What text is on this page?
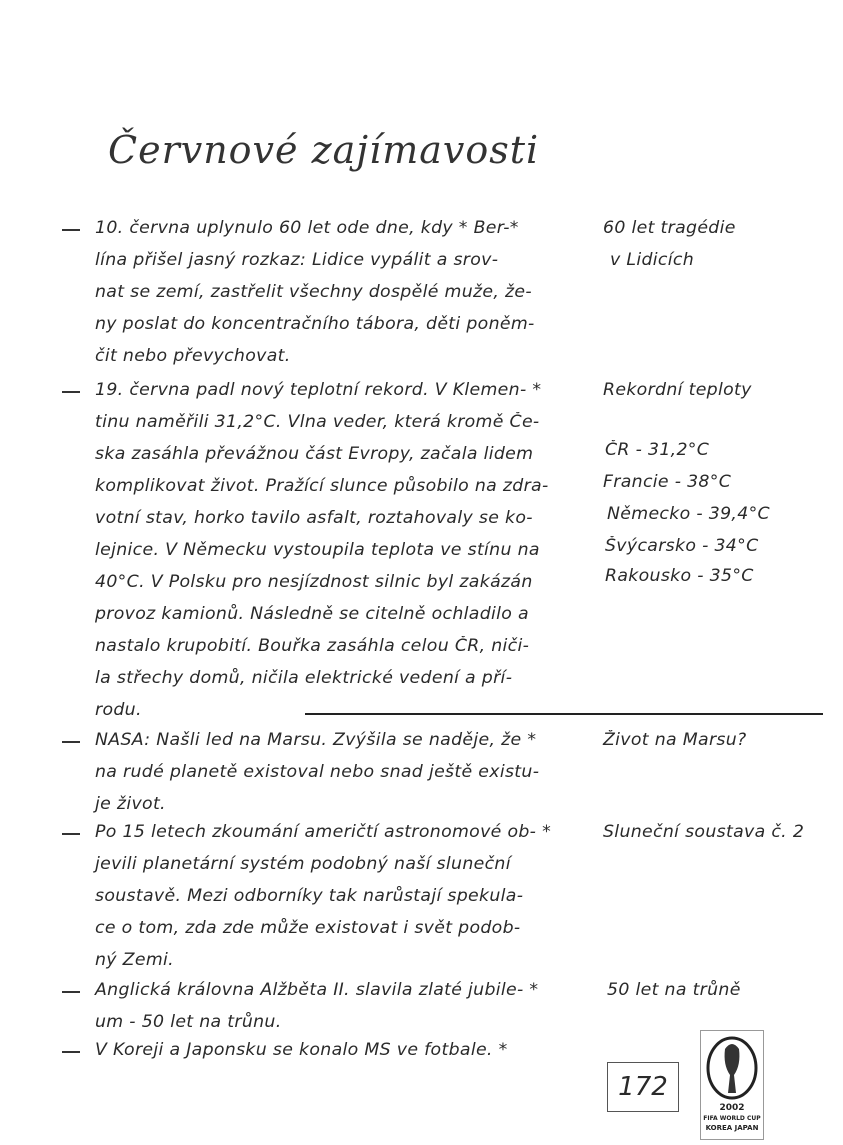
Červnové zajímavosti
10. června uplynulo 60 let ode dne, kdy * Ber-*
lína přišel jasný rozkaz: Lidice vypálit a srov-
nat se zemí, zastřelit všechny dospělé muže, že-
ny poslat do koncentračního tábora, děti poněm-
čit nebo převychovat.
60 let tragédie
v Lidicích
19. června padl nový teplotní rekord. V Klemen- *
tinu naměřili 31,2°C. Vlna veder, která kromě Če-
ska zasáhla převážnou část Evropy, začala lidem
komplikovat život. Pražící slunce působilo na zdra-
votní stav, horko tavilo asfalt, roztahovaly se ko-
lejnice. V Německu vystoupila teplota ve stínu na
40°C. V Polsku pro nesjízdnost silnic byl zakázán
provoz kamionů. Následně se citelně ochladilo a
nastalo krupobití. Bouřka zasáhla celou ČR, niči-
la střechy domů, ničila elektrické vedení a pří-
rodu.
Rekordní teploty
ČR - 31,2°C
Francie - 38°C
Německo - 39,4°C
Švýcarsko - 34°C
Rakousko - 35°C
NASA: Našli led na Marsu. Zvýšila se naděje, že *
na rudé planetě existoval nebo snad ještě existu-
je život.
Život na Marsu?
Po 15 letech zkoumání američtí astronomové ob- *
jevili planetární systém podobný naší sluneční
soustavě. Mezi odborníky tak narůstají spekula-
ce o tom, zda zde může existovat i svět podob-
ný Zemi.
Sluneční soustava č. 2
Anglická královna Alžběta II. slavila zlaté jubile- *
um - 50 let na trůnu.
50 let na trůně
V Koreji a Japonsku se konalo MS ve fotbale. *
172
2002
FIFA WORLD CUP
KOREA JAPAN
